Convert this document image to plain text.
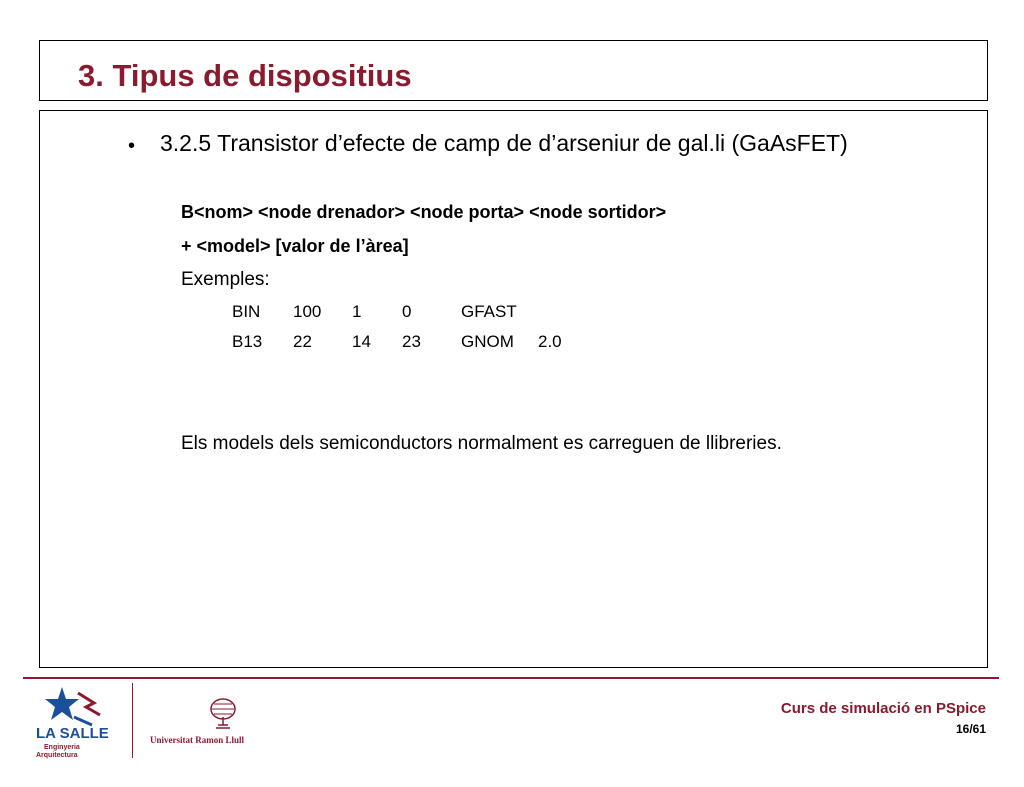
3. Tipus de dispositius
• 3.2.5 Transistor d’efecte de camp de d’arseniur de gal.li (GaAsFET)
B<nom> <node drenador> <node porta> <node sortidor>
+ <model> [valor de l’àrea]
Exemples:
BIN 100 1 0	GFAST
B13 22 14 23 GNOM 2.0
Els models dels semiconductors normalment es carreguen de llibreries.
LA SALLE
Enginyeria
Arquitectura
Universitat Ramon Llull
Curs de simulació en PSpice
16/61
